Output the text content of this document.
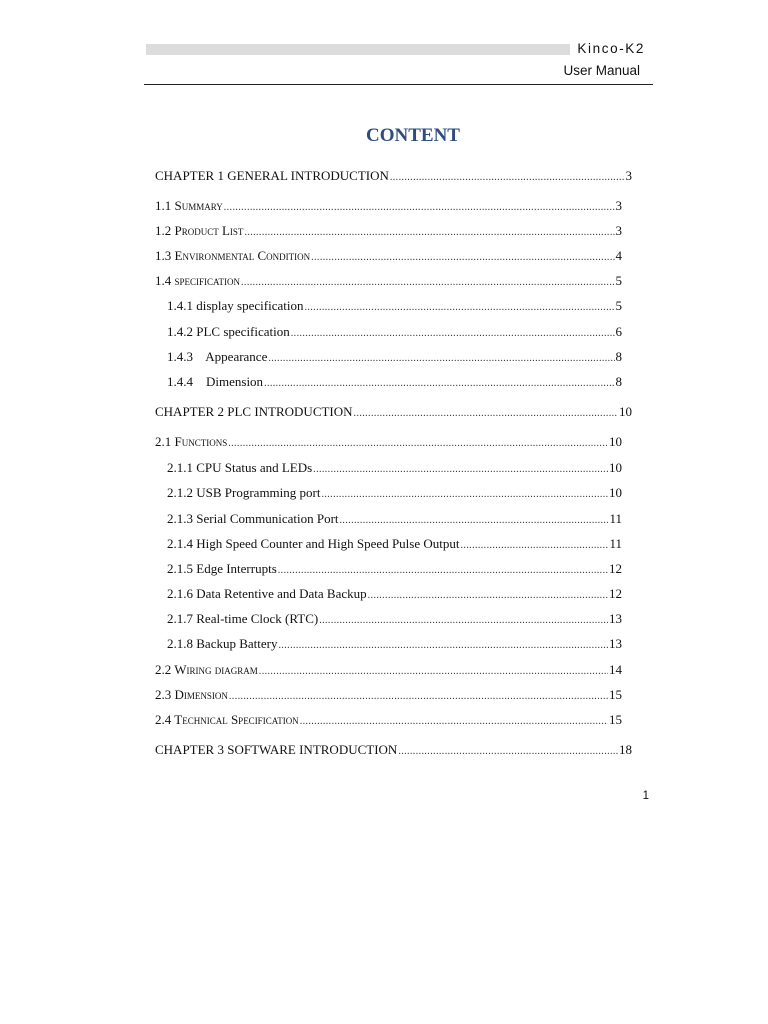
Kinco-K2
User Manual
CONTENT
CHAPTER 1 GENERAL INTRODUCTION .....	3
1.1 Summary .....	3
1.2 Product List .....	3
1.3 Environmental Condition .....	4
1.4 specification .....	5
1.4.1 display specification .....	5
1.4.2 PLC specification .....	6
1.4.3    Appearance .....	8
1.4.4    Dimension .....	8
CHAPTER 2 PLC INTRODUCTION .....	10
2.1 Functions .....	10
2.1.1 CPU Status and LEDs .....	10
2.1.2 USB Programming port .....	10
2.1.3 Serial Communication Port .....	11
2.1.4 High Speed Counter and High Speed Pulse Output .....	11
2.1.5 Edge Interrupts .....	12
2.1.6 Data Retentive and Data Backup .....	12
2.1.7 Real-time Clock (RTC) .....	13
2.1.8 Backup Battery .....	13
2.2 Wiring diagram .....	14
2.3 Dimension .....	15
2.4 Technical Specification .....	15
CHAPTER 3 SOFTWARE INTRODUCTION .....	18
1
